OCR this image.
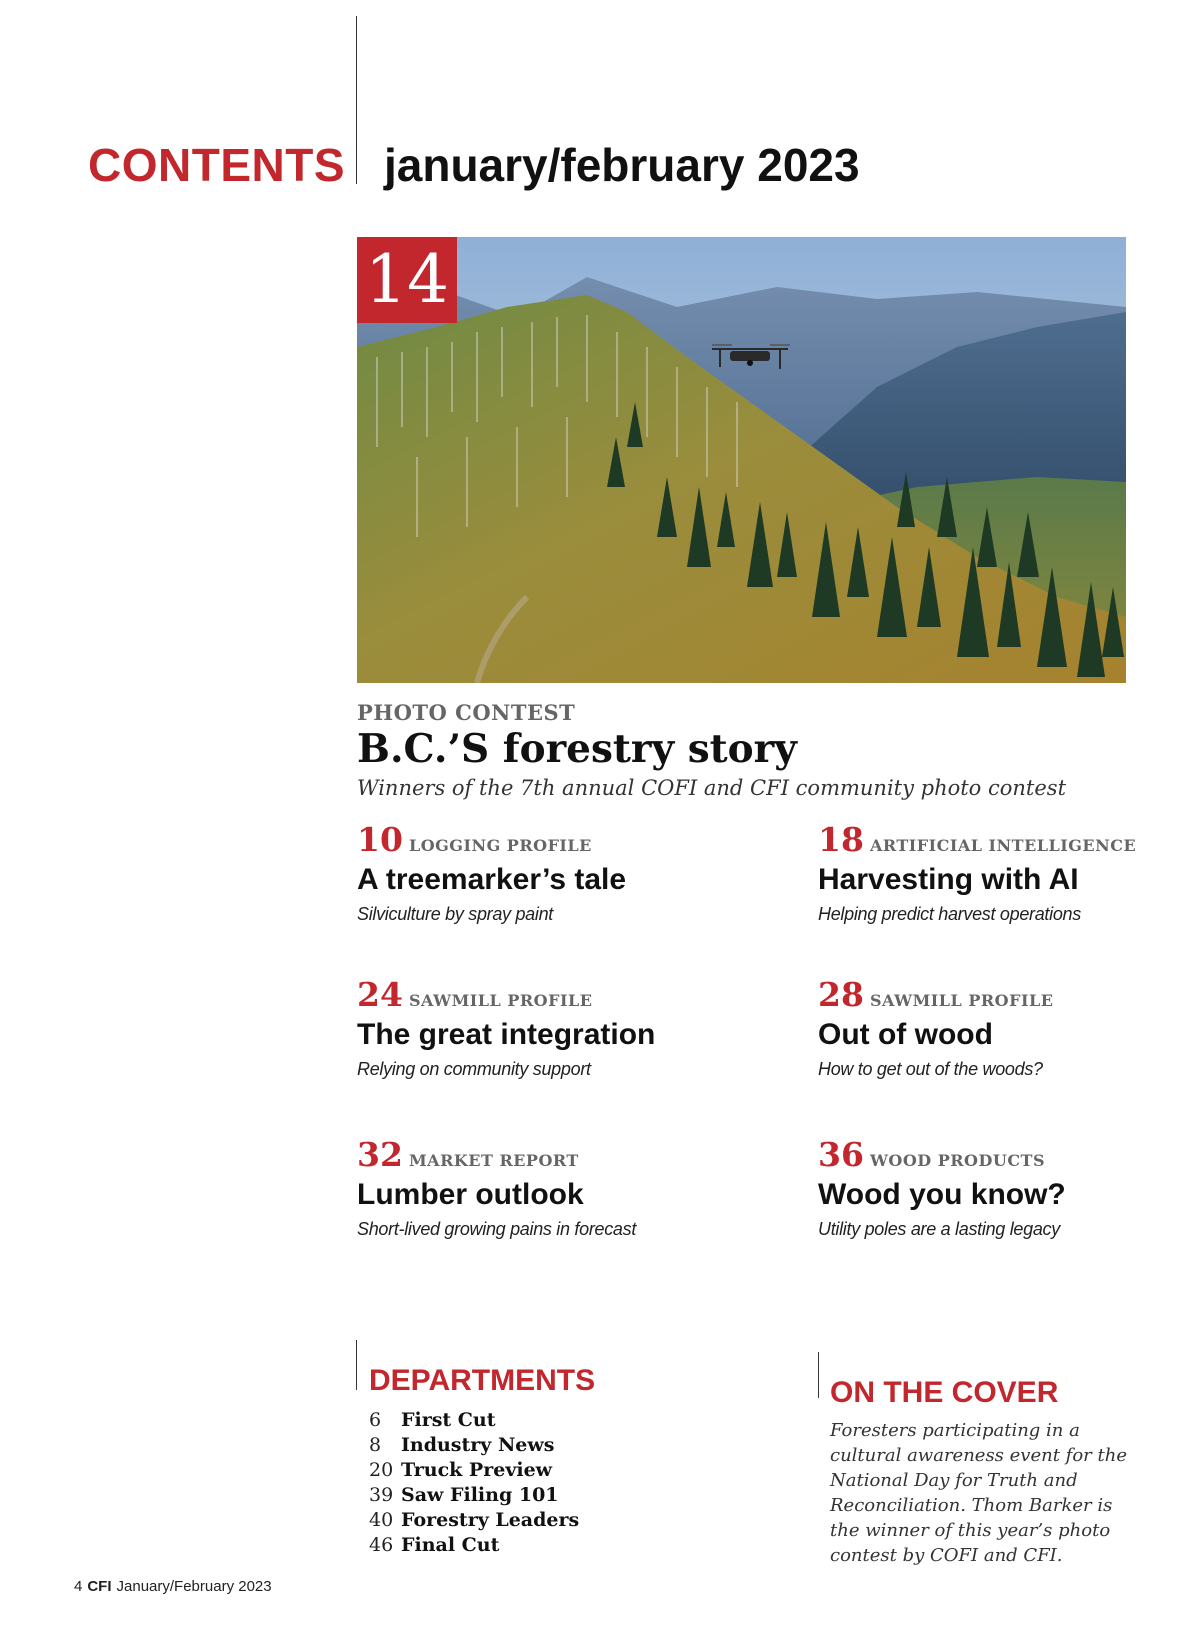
CONTENTS january/february 2023
14
PHOTO CONTEST
B.C.’S forestry story
Winners of the 7th annual COFI and CFI community photo contest
10 LOGGING PROFILE
A treemarker’s tale
Silviculture by spray paint
18 ARTIFICIAL INTELLIGENCE
Harvesting with AI
Helping predict harvest operations
24 SAWMILL PROFILE
The great integration
Relying on community support
28 SAWMILL PROFILE
Out of wood
How to get out of the woods?
32 MARKET REPORT
Lumber outlook
Short-lived growing pains in forecast
36 WOOD PRODUCTS
Wood you know?
Utility poles are a lasting legacy
DEPARTMENTS
6 First Cut
8 Industry News
20 Truck Preview
39 Saw Filing 101
40 Forestry Leaders
46 Final Cut
ON THE COVER
Foresters participating in a cultural awareness event for the National Day for Truth and Reconciliation. Thom Barker is the winner of this year’s photo contest by COFI and CFI.
4 CFI January/February 2023
